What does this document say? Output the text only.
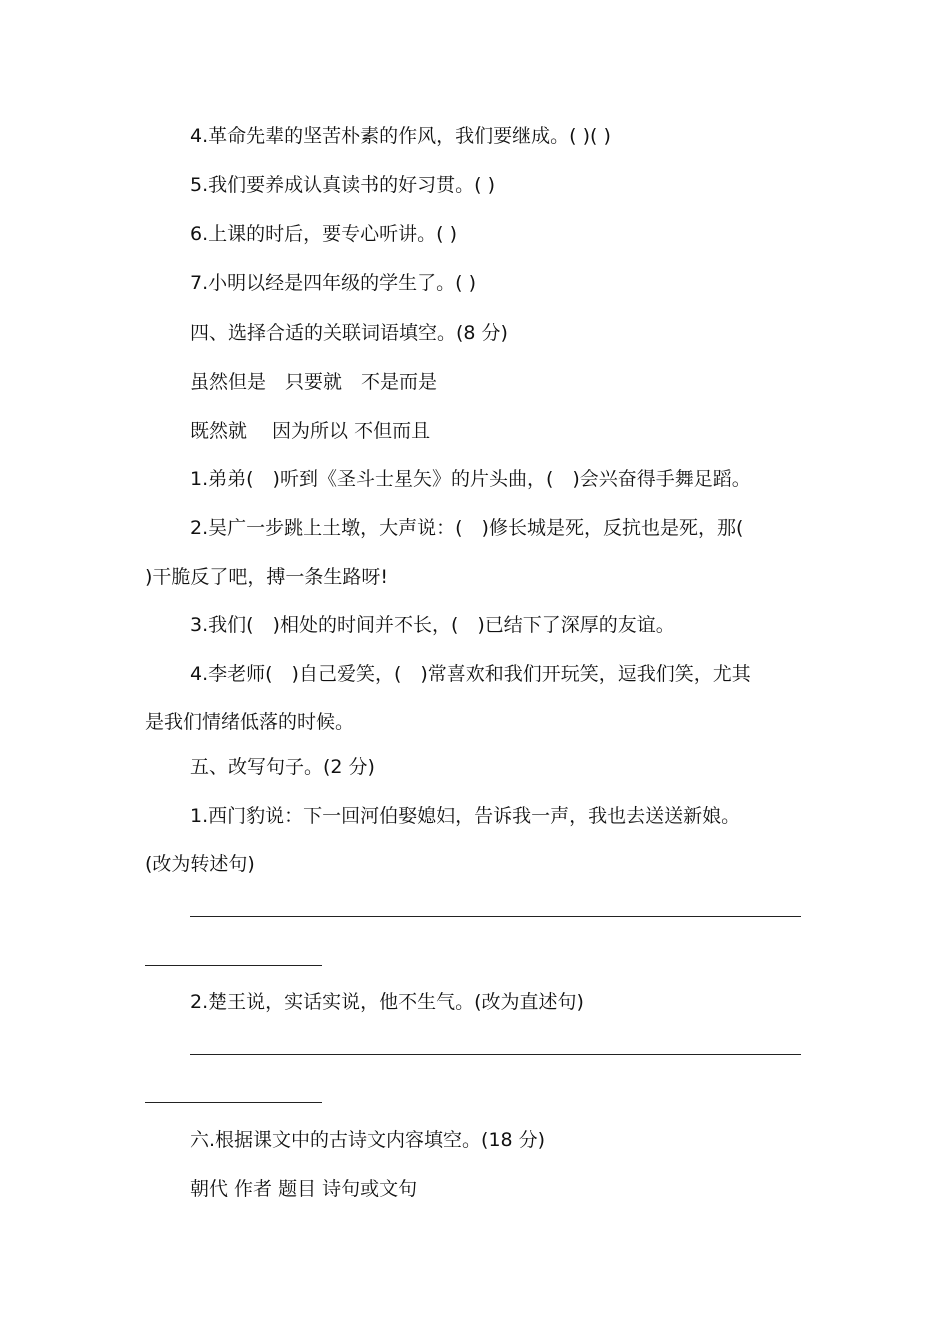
4.革命先辈的坚苦朴素的作风，我们要继成。( )( )

5.我们要养成认真读书的好习贯。( )

6.上课的时后，要专心听讲。( )

7.小明以经是四年级的学生了。( )

四、选择合适的关联词语填空。(8 分)

虽然但是　只要就　不是而是

既然就　 因为所以 不但而且

1.弟弟(　)听到《圣斗士星矢》的片头曲，(　)会兴奋得手舞足蹈。

2.吴广一步跳上土墩，大声说：(　)修长城是死，反抗也是死，那(

)干脆反了吧，搏一条生路呀!

3.我们(　)相处的时间并不长，(　)已结下了深厚的友谊。

4.李老师(　)自己爱笑，(　)常喜欢和我们开玩笑，逗我们笑，尤其

是我们情绪低落的时候。

五、改写句子。(2 分)

1.西门豹说：下一回河伯娶媳妇，告诉我一声，我也去送送新娘。

(改为转述句)

2.楚王说，实话实说，他不生气。(改为直述句)

六.根据课文中的古诗文内容填空。(18 分)

朝代 作者 题目 诗句或文句
